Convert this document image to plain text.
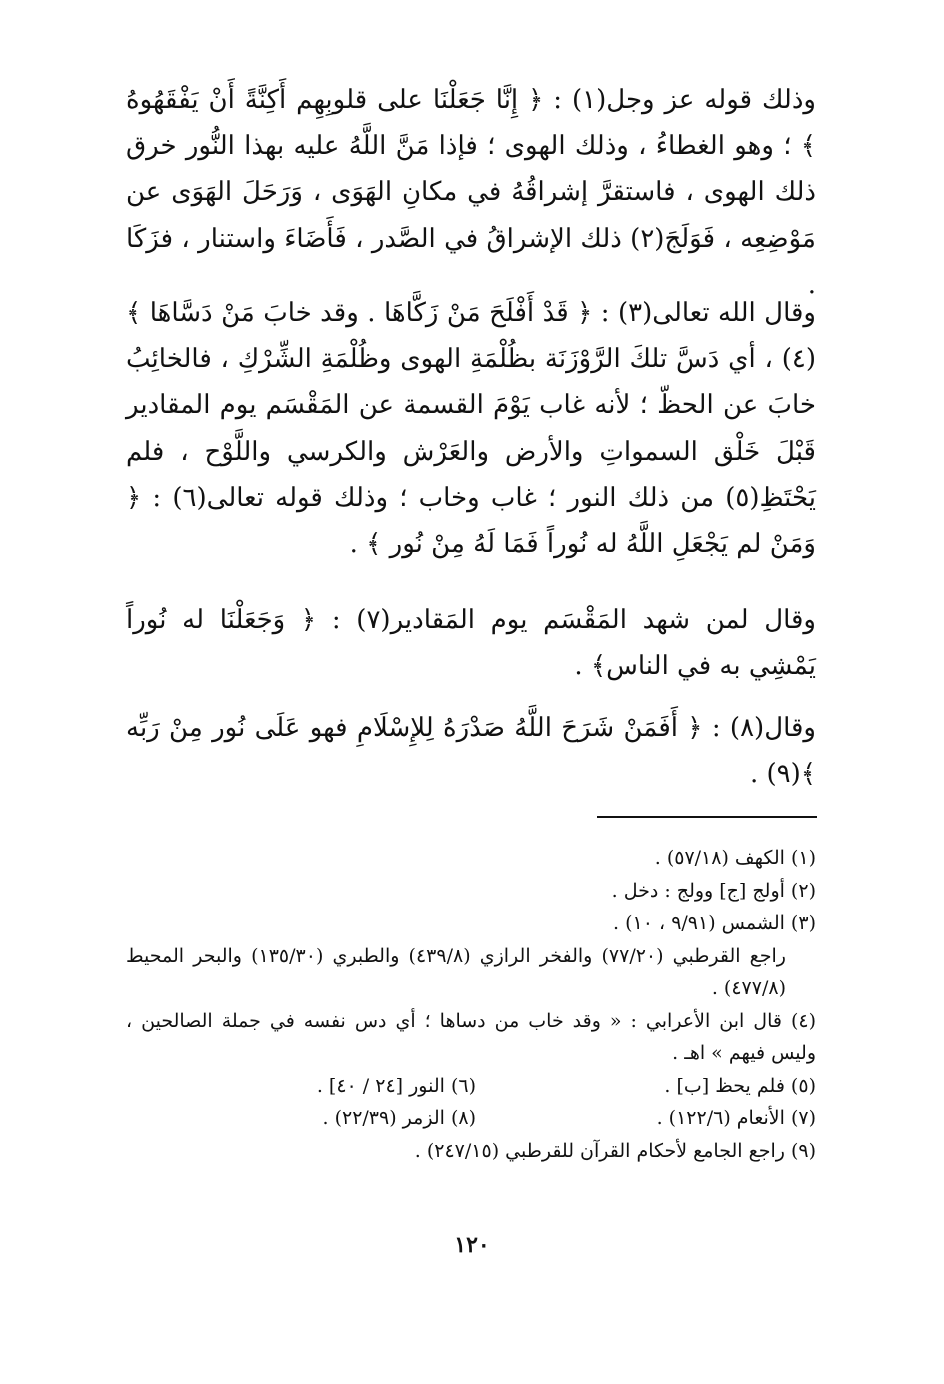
وذلك قوله عز وجل(١) : ﴿ إِنَّا جَعَلْنَا على قلوبِهِم أَكِنَّةً أَنْ يَفْقَهُوهُ ﴾ ؛ وهو الغطاءُ ، وذلك الهوى ؛ فإذا مَنَّ اللَّهُ عليه بهذا النُّور خرق ذلك الهوى ، فاستقرَّ إشراقُهُ في مكانِ الهَوَى ، وَرَحَلَ الهَوَى عن مَوْضِعِه ، فَوَلَجَ(٢) ذلك الإشراقُ في الصَّدر ، فَأَضَاءَ واستنار ، فزَكَا .

وقال الله تعالى(٣) : ﴿ قَدْ أَفْلَحَ مَنْ زَكَّاهَا . وقد خابَ مَنْ دَسَّاهَا ﴾(٤) ، أي دَسَّ تلكَ الرَّوْزَنَة بظُلْمَةِ الهوى وظُلْمَةِ الشِّرْكِ ، فالخائِبُ خابَ عن الحظّ ؛ لأنه غاب يَوْمَ القسمة عن المَقْسَم يوم المقادير قَبْلَ خَلْق السمواتِ والأرض والعَرْش والكرسي واللَّوْح ، فلم يَحْتَظِ(٥) من ذلك النور ؛ غاب وخاب ؛ وذلك قوله تعالى(٦) : ﴿ وَمَنْ لم يَجْعَلِ اللَّهُ له نُوراً فَمَا لَهُ مِنْ نُور ﴾ .

وقال لمن شهد المَقْسَم يوم المَقادير(٧) : ﴿ وَجَعَلْنَا له نُوراً يَمْشِي به في الناس﴾ .

وقال(٨) : ﴿ أَفَمَنْ شَرَحَ اللَّهُ صَدْرَهُ لِلإِسْلَامِ فهو عَلَى نُور مِنْ رَبِّه ﴾(٩) .

(١) الكهف (٥٧/١٨) .

(٢) أولج [ج] وولج : دخل .

(٣) الشمس (٩/٩١ ، ١٠) .

راجع القرطبي (٧٧/٢٠) والفخر الرازي (٤٣٩/٨) والطبري (١٣٥/٣٠) والبحر المحيط (٤٧٧/٨) .

(٤) قال ابن الأعرابي : « وقد خاب من دساها ؛ أي دس نفسه في جملة الصالحين ، وليس فيهم » اهـ .

(٥) فلم يحظ [ب] .
(٦) النور [٢٤ / ٤٠] .
(٧) الأنعام (١٢٢/٦) .
(٨) الزمر (٢٢/٣٩) .

(٩) راجع الجامع لأحكام القرآن للقرطبي (٢٤٧/١٥) .

١٢٠
